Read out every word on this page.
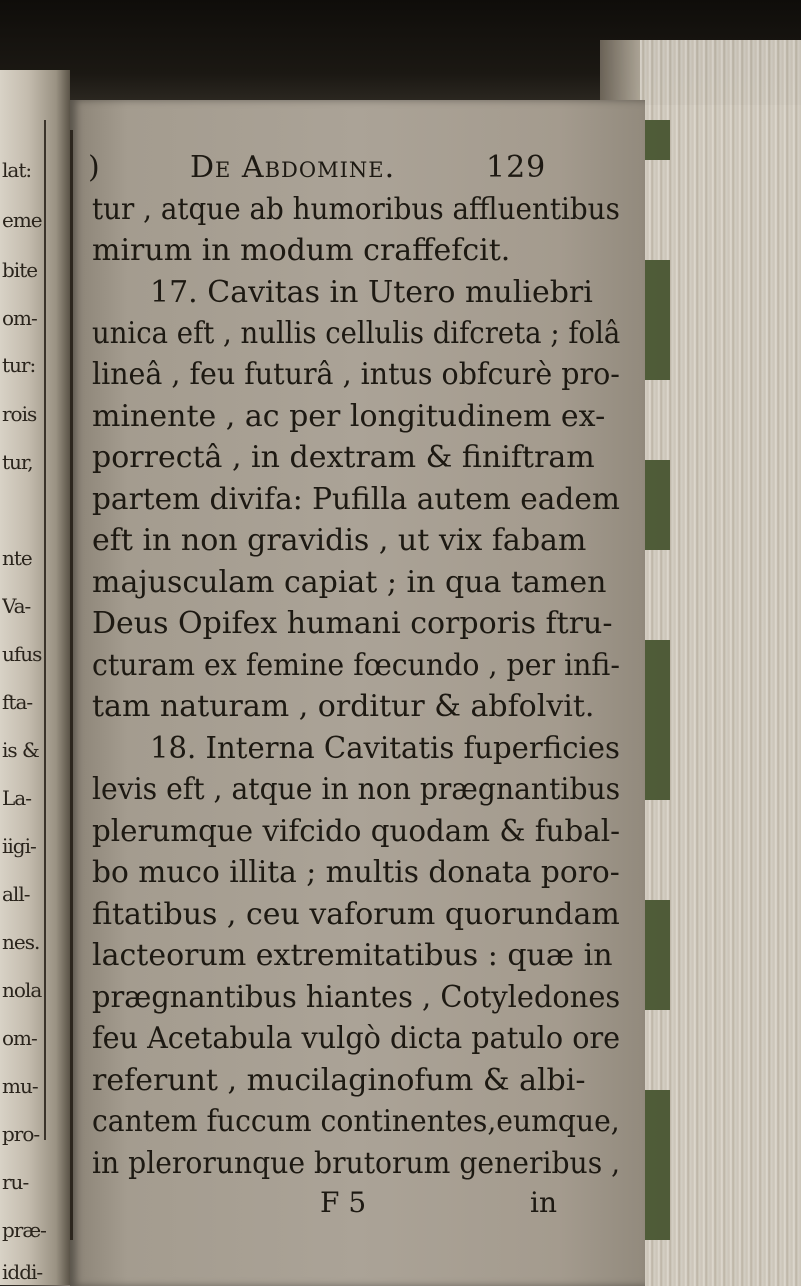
lat:
eme
bite
om-
tur:
rois
tur,
nte
Va-
ufus
fta-
is &
La-
iigi-
all-
nes.
nola
om-
mu-
pro-
ru-
præ-
iddi-
)	De Abdomine.	129
tur , atque ab humoribus affluentibus
mirum in modum craffefcit.
17. Cavitas in Utero muliebri
unica eft , nullis cellulis difcreta ; folâ
lineâ , feu futurâ , intus obfcurè pro-
minente , ac per longitudinem ex-
porrectâ , in dextram & finiftram
partem divifa: Pufilla autem eadem
eft in non gravidis , ut vix fabam
majusculam capiat ; in qua tamen
Deus Opifex humani corporis ftru-
cturam ex femine fœcundo , per infi-
tam naturam , orditur & abfolvit.
18. Interna Cavitatis fuperficies
levis eft , atque in non prægnantibus
plerumque vifcido quodam & fubal-
bo muco illita ; multis donata poro-
fitatibus , ceu vaforum quorundam
lacteorum extremitatibus : quæ in
prægnantibus hiantes , Cotyledones
feu Acetabula vulgò dicta patulo ore
referunt , mucilaginofum & albi-
cantem fuccum continentes,eumque,
in plerorunque brutorum generibus ,
F 5	in
